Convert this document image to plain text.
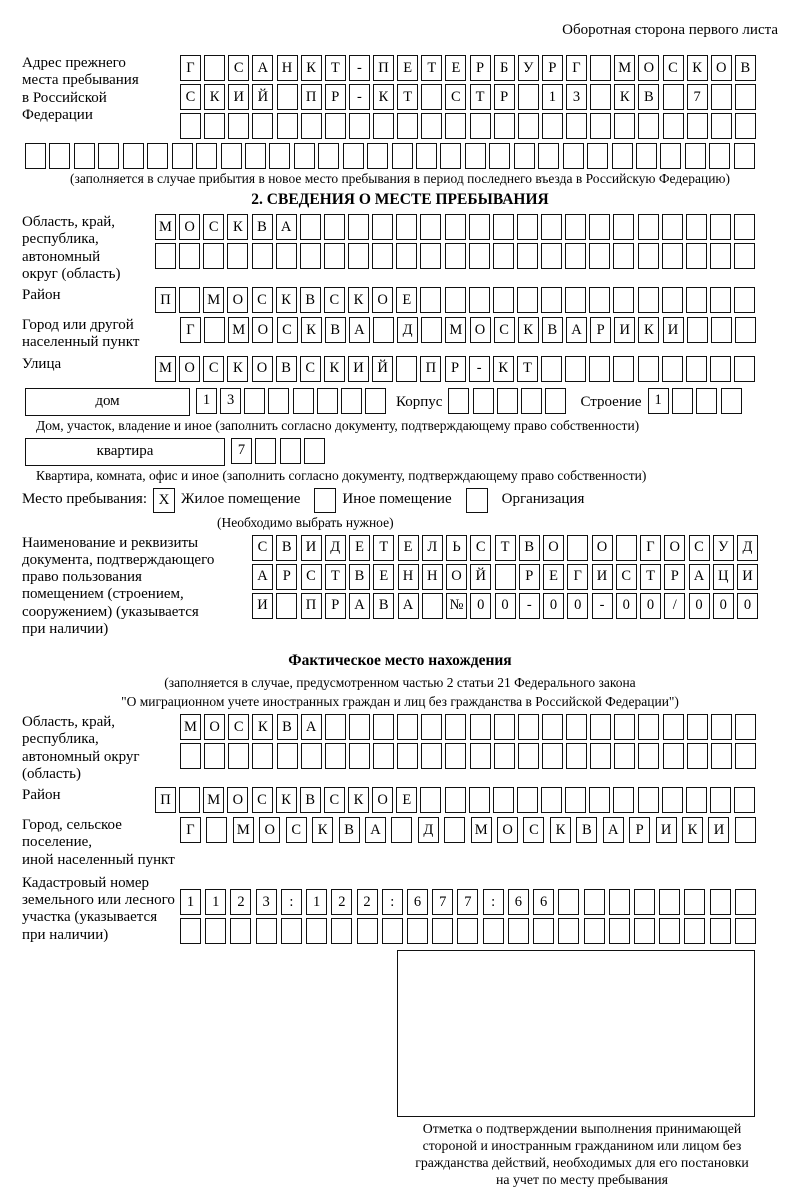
Оборотная сторона первого листа
Адрес прежнего
места пребывания
в Российской
Федерации
Г	С А Н К	Т	-	П Е	Т	Е	Р	Б	У	Р	Г	М О С К О В
С К И Й	П	Р	-	К	Т	С	Т	Р	1	3	К В	7
(заполняется в случае прибытия в новое место пребывания в период последнего въезда в Российскую Федерацию)
2. СВЕДЕНИЯ О МЕСТЕ ПРЕБЫВАНИЯ
Область, край,
республика,
автономный
округ (область)
М О С К В А
Район	П	М О С К В С К О Е
Город или другой
населенный пункт
Г	М О С К В А	Д	М О С К В А	Р	И К И
Улица	М О С К О В С К И Й	П	Р	-	К	Т
дом	1	3	Корпус	Строение 1
Дом, участок, владение и иное (заполнить согласно документу, подтверждающему право собственности)
квартира	7
Квартира, комната, офис и иное (заполнить согласно документу, подтверждающему право собственности)
Место пребывания: X Жилое помещение	Иное помещение	Организация
(Необходимо выбрать нужное)
Наименование и реквизиты
документа, подтверждающего
право пользования
помещением (строением,
сооружением) (указывается
при наличии)
С	В И Д	Е	Т	Е	Л	Ь	С	Т	В О	О	Г	О С У Д
А	Р	С	Т	В	Е	Н Н О Й	Р	Е	Г	И С	Т	Р	А Ц И
И	П	Р	А В А	№ 0	0	-	0	0	-	0	0	/	0	0	0
Фактическое место нахождения
(заполняется в случае, предусмотренном частью 2 статьи 21 Федерального закона
"О миграционном учете иностранных граждан и лиц без гражданства в Российской Федерации")
Область, край,
республика,
автономный округ
(область)
М О С К В А
Район	П	М О С К В С К О Е
Город, сельское поселение,
иной населенный пункт
Г	М	О	С	К	В	А	Д	М	О	С	К	В	А	Р	И	К	И
Кадастровый номер
земельного или лесного
участка (указывается
при наличии)
1	1	2	3	:	1	2	2	:	6	7	7	:	6	6
Отметка о подтверждении выполнения принимающей
стороной и иностранным гражданином или лицом без
гражданства действий, необходимых для его постановки
на учет по месту пребывания
